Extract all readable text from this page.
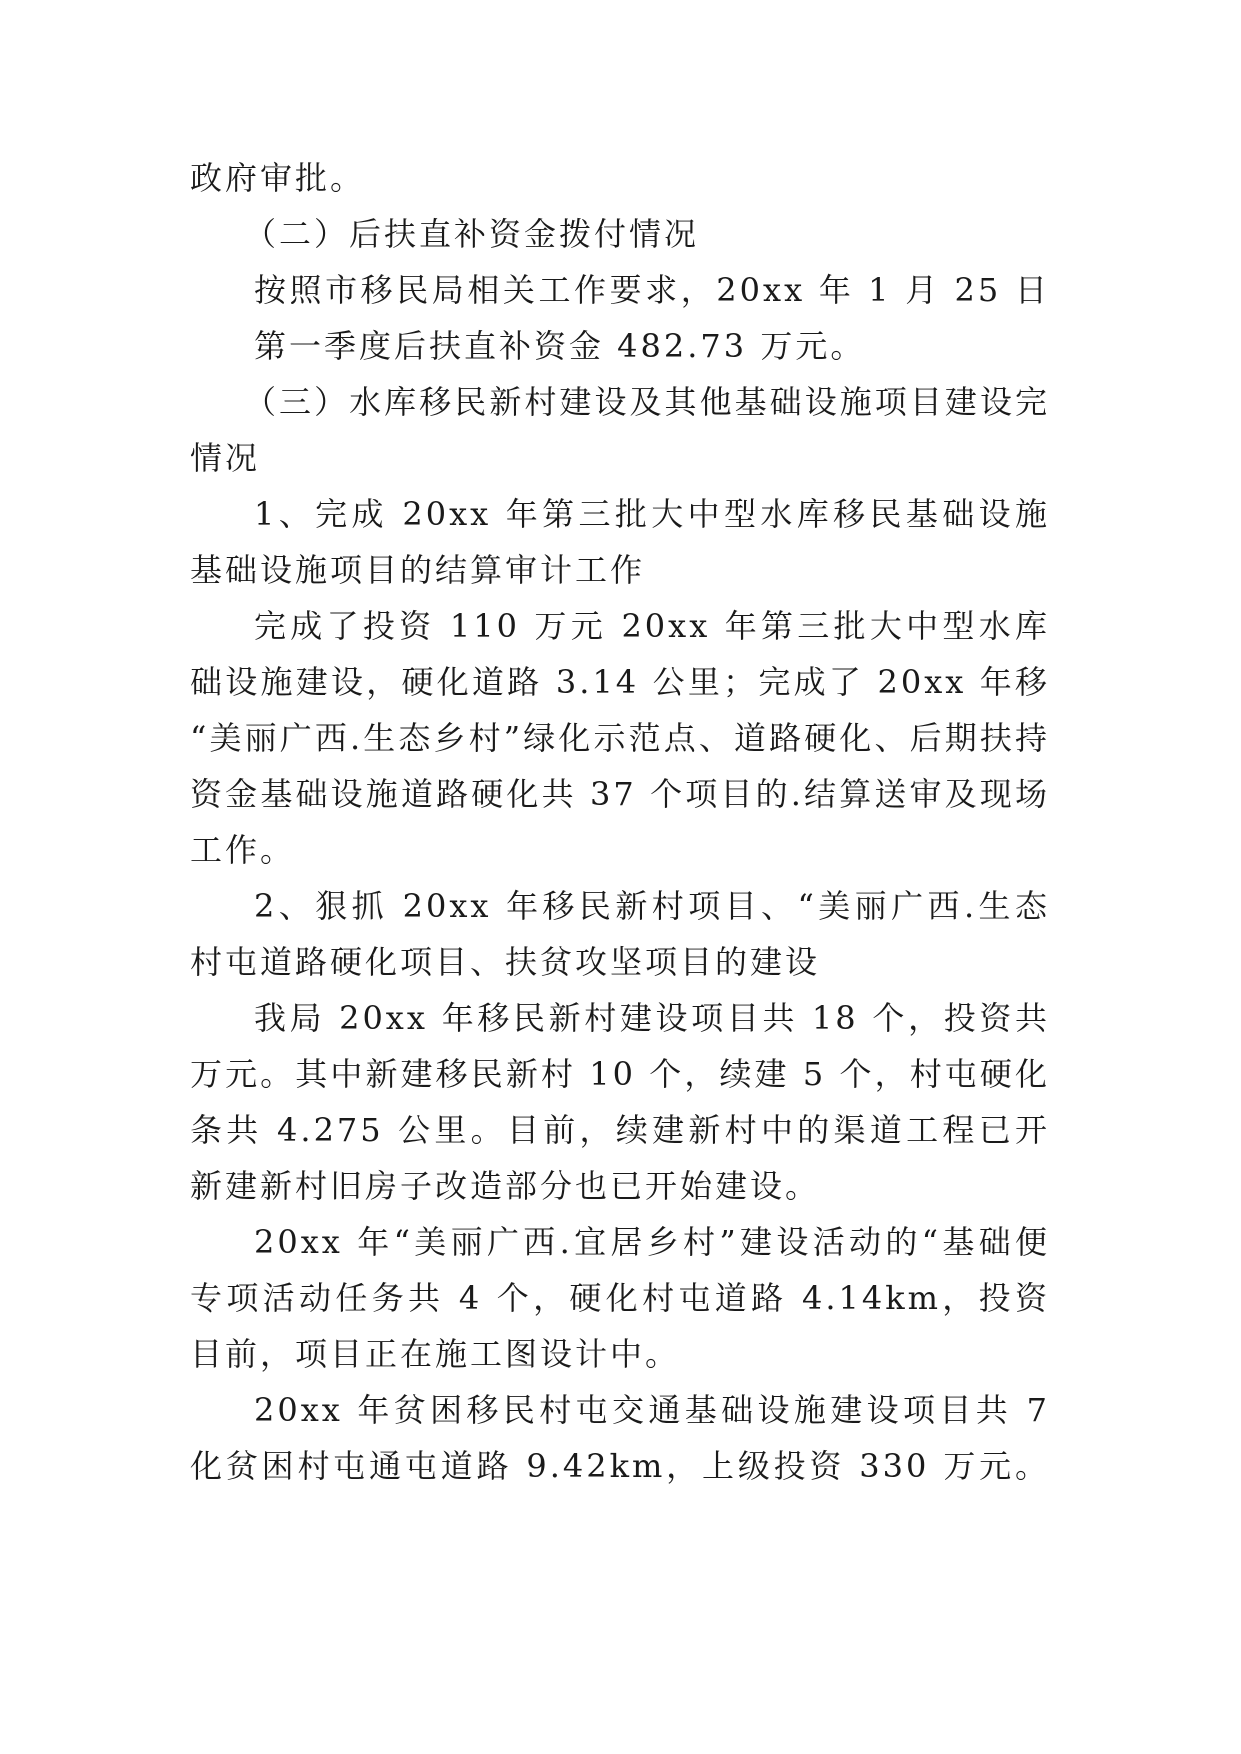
政府审批。
（二）后扶直补资金拨付情况
按照市移民局相关工作要求，20xx 年 1 月 25 日
第一季度后扶直补资金 482.73 万元。
（三）水库移民新村建设及其他基础设施项目建设完
情况
1、完成 20xx 年第三批大中型水库移民基础设施
基础设施项目的结算审计工作
完成了投资 110 万元 20xx 年第三批大中型水库
础设施建设，硬化道路 3.14 公里；完成了 20xx 年移
“美丽广西.生态乡村”绿化示范点、道路硬化、后期扶持
资金基础设施道路硬化共 37 个项目的.结算送审及现场
工作。
2、狠抓 20xx 年移民新村项目、“美丽广西.生态
村屯道路硬化项目、扶贫攻坚项目的建设
我局 20xx 年移民新村建设项目共 18 个，投资共
万元。其中新建移民新村 10 个，续建 5 个，村屯硬化
条共 4.275 公里。目前，续建新村中的渠道工程已开
新建新村旧房子改造部分也已开始建设。
20xx 年“美丽广西.宜居乡村”建设活动的“基础便
专项活动任务共 4 个，硬化村屯道路 4.14km，投资
目前，项目正在施工图设计中。
20xx 年贫困移民村屯交通基础设施建设项目共 7
化贫困村屯通屯道路 9.42km，上级投资 330 万元。
